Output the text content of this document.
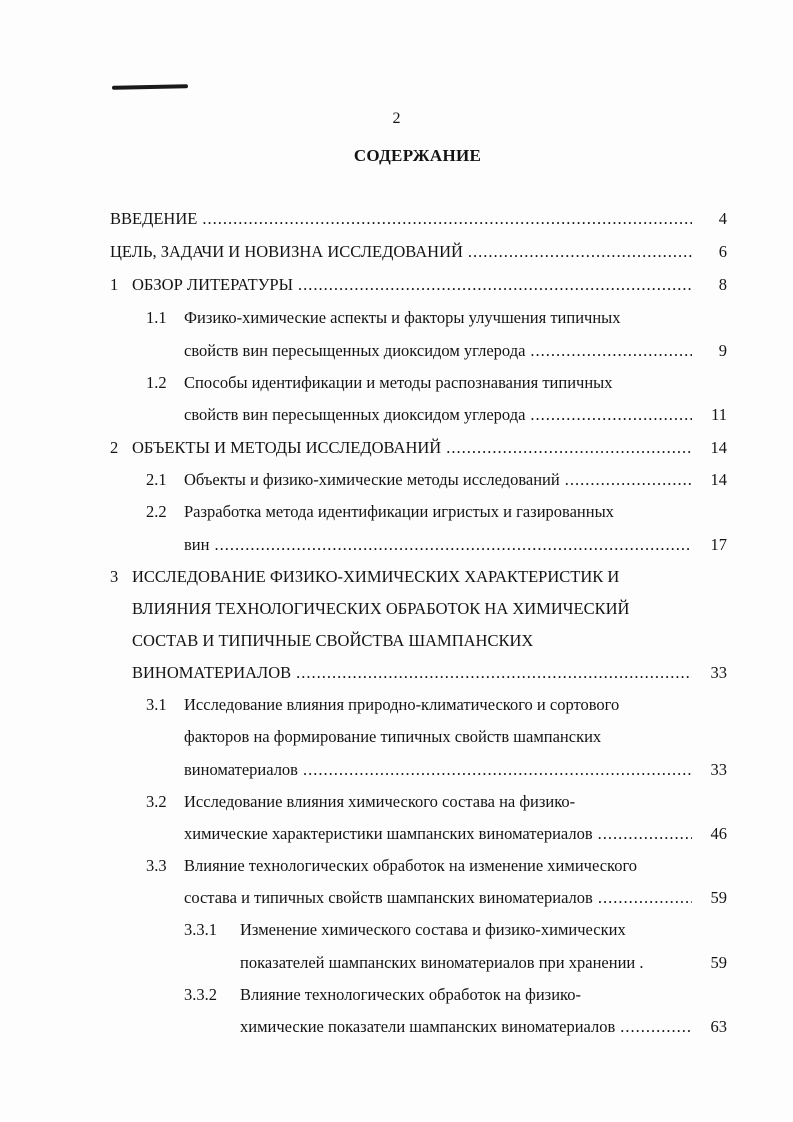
2
СОДЕРЖАНИЕ
ВВЕДЕНИЕ .....	4
ЦЕЛЬ, ЗАДАЧИ И НОВИЗНА ИССЛЕДОВАНИЙ .....	6
1 ОБЗОР ЛИТЕРАТУРЫ .....	8
1.1 Физико-химические аспекты и факторы улучшения типичных
свойств вин пересыщенных диоксидом углерода .....	9
1.2 Способы идентификации и методы распознавания типичных
свойств вин пересыщенных диоксидом углерода .....	11
2 ОБЪЕКТЫ И МЕТОДЫ ИССЛЕДОВАНИЙ .....	14
2.1 Объекты и физико-химические методы исследований .....	14
2.2 Разработка метода идентификации игристых и газированных
вин .....	17
3 ИССЛЕДОВАНИЕ ФИЗИКО-ХИМИЧЕСКИХ ХАРАКТЕРИСТИК И
ВЛИЯНИЯ ТЕХНОЛОГИЧЕСКИХ ОБРАБОТОК НА ХИМИЧЕСКИЙ
СОСТАВ И ТИПИЧНЫЕ СВОЙСТВА ШАМПАНСКИХ
ВИНОМАТЕРИАЛОВ .....	33
3.1 Исследование влияния природно-климатического и сортового
факторов на формирование типичных свойств шампанских
виноматериалов .....	33
3.2 Исследование влияния химического состава на физико-
химические характеристики шампанских виноматериалов .....	46
3.3 Влияние технологических обработок на изменение химического
состава и типичных свойств шампанских виноматериалов .....	59
3.3.1 Изменение химического состава и физико-химических
показателей шампанских виноматериалов при хранении .	59
3.3.2 Влияние технологических обработок на физико-
химические показатели шампанских виноматериалов .....	63
